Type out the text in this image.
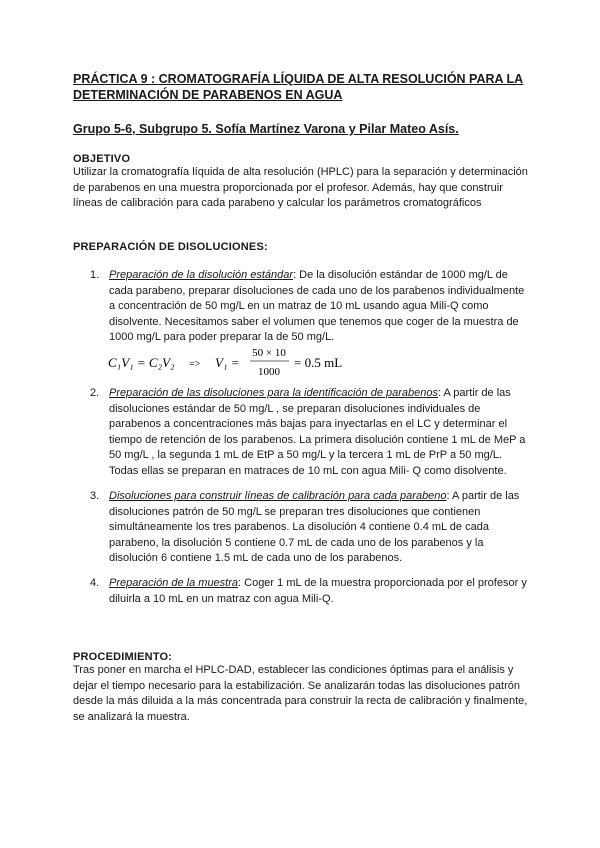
PRÁCTICA 9 : CROMATOGRAFÍA LÍQUIDA DE ALTA RESOLUCIÓN PARA LA DETERMINACIÓN DE PARABENOS EN AGUA
Grupo 5-6, Subgrupo 5. Sofía Martínez Varona y Pilar Mateo Asís.
OBJETIVO
Utilizar la cromatografía líquida de alta resolución (HPLC) para la separación y determinación de parabenos en una muestra proporcionada por el profesor. Además, hay que construir líneas de calibración para cada parabeno y calcular los parámetros cromatográficos
PREPARACIÓN DE DISOLUCIONES:
1. Preparación de la disolución estándar: De la disolución estándar de 1000 mg/L de cada parabeno, preparar disoluciones de cada uno de los parabenos individualmente a concentración de 50 mg/L en un matraz de 10 mL usando agua Mili-Q como disolvente. Necesitamos saber el volumen que tenemos que coger de la muestra de 1000 mg/L para poder preparar la de 50 mg/L.
2. Preparación de las disoluciones para la identificación de parabenos: A partir de las disoluciones estándar de 50 mg/L , se preparan disoluciones individuales de parabenos a concentraciones más bajas para inyectarlas en el LC y determinar el tiempo de retención de los parabenos. La primera disolución contiene 1 mL de MeP a 50 mg/L , la segunda 1 mL de EtP a 50 mg/L y la tercera 1 mL de PrP a 50 mg/L. Todas ellas se preparan en matraces de 10 mL con agua Mili- Q como disolvente.
3. Disoluciones para construir líneas de calibración para cada parabeno: A partir de las disoluciones patrón de 50 mg/L se preparan tres disoluciones que contienen simultáneamente los tres parabenos. La disolución 4 contiene 0.4 mL de cada parabeno, la disolución 5 contiene 0.7 mL de cada uno de los parabenos y la disolución 6 contiene 1.5 mL de cada uno de los parabenos.
4. Preparación de la muestra: Coger 1 mL de la muestra proporcionada por el profesor y diluirla a 10 mL en un matraz con agua Mili-Q.
C₁V₁ = C₂V₂ => V₁ =
50 × 10
1000
= 0.5 mL
PROCEDIMIENTO:
Tras poner en marcha el HPLC-DAD, establecer las condiciones óptimas para el análisis y dejar el tiempo necesario para la estabilización. Se analizarán todas las disoluciones patrón desde la más diluida a la más concentrada para construir la recta de calibración y finalmente, se analizará la muestra.
